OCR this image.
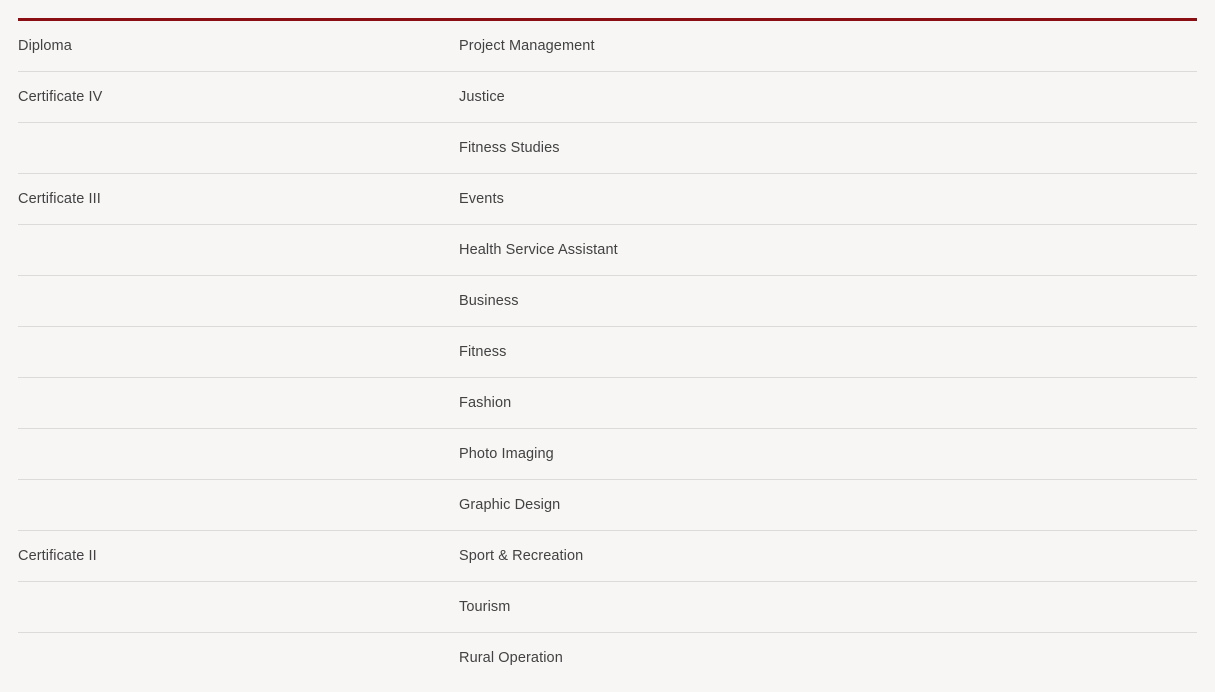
Diploma	Project Management
Certificate IV	Justice
	Fitness Studies
Certificate III	Events
	Health Service Assistant
	Business
	Fitness
	Fashion
	Photo Imaging
	Graphic Design
Certificate II	Sport & Recreation
	Tourism
	Rural Operation
